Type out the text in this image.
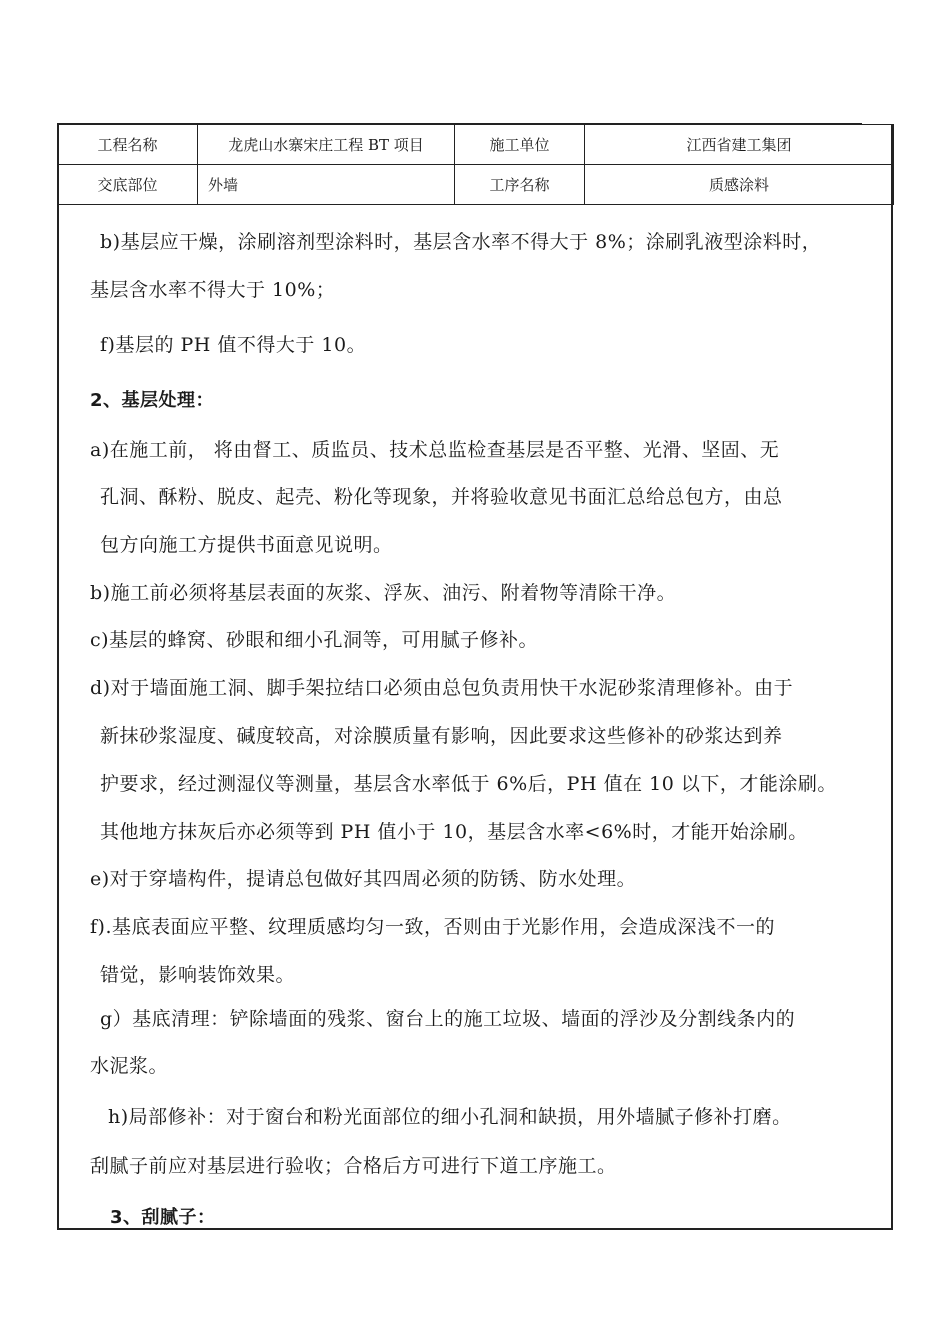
工程名称	龙虎山水寨宋庄工程 BT 项目	施工单位	江西省建工集团
交底部位	外墙	工序名称	质感涂料
b)基层应干燥，涂刷溶剂型涂料时，基层含水率不得大于 8%；涂刷乳液型涂料时，
基层含水率不得大于 10%；
f)基层的 PH 值不得大于 10。
2、基层处理：
a)在施工前， 将由督工、质监员、技术总监检查基层是否平整、光滑、坚固、无
孔洞、酥粉、脱皮、起壳、粉化等现象，并将验收意见书面汇总给总包方，由总
包方向施工方提供书面意见说明。
b)施工前必须将基层表面的灰浆、浮灰、油污、附着物等清除干净。
c)基层的蜂窝、砂眼和细小孔洞等，可用腻子修补。
d)对于墙面施工洞、脚手架拉结口必须由总包负责用快干水泥砂浆清理修补。由于
新抹砂浆湿度、碱度较高，对涂膜质量有影响，因此要求这些修补的砂浆达到养
护要求，经过测湿仪等测量，基层含水率低于 6%后，PH 值在 10 以下，才能涂刷。
其他地方抹灰后亦必须等到 PH 值小于 10，基层含水率<6%时，才能开始涂刷。
e)对于穿墙构件，提请总包做好其四周必须的防锈、防水处理。
f).基底表面应平整、纹理质感均匀一致，否则由于光影作用，会造成深浅不一的
错觉，影响装饰效果。
g）基底清理：铲除墙面的残浆、窗台上的施工垃圾、墙面的浮沙及分割线条内的
水泥浆。
h)局部修补：对于窗台和粉光面部位的细小孔洞和缺损，用外墙腻子修补打磨。
刮腻子前应对基层进行验收；合格后方可进行下道工序施工。
3、刮腻子：
